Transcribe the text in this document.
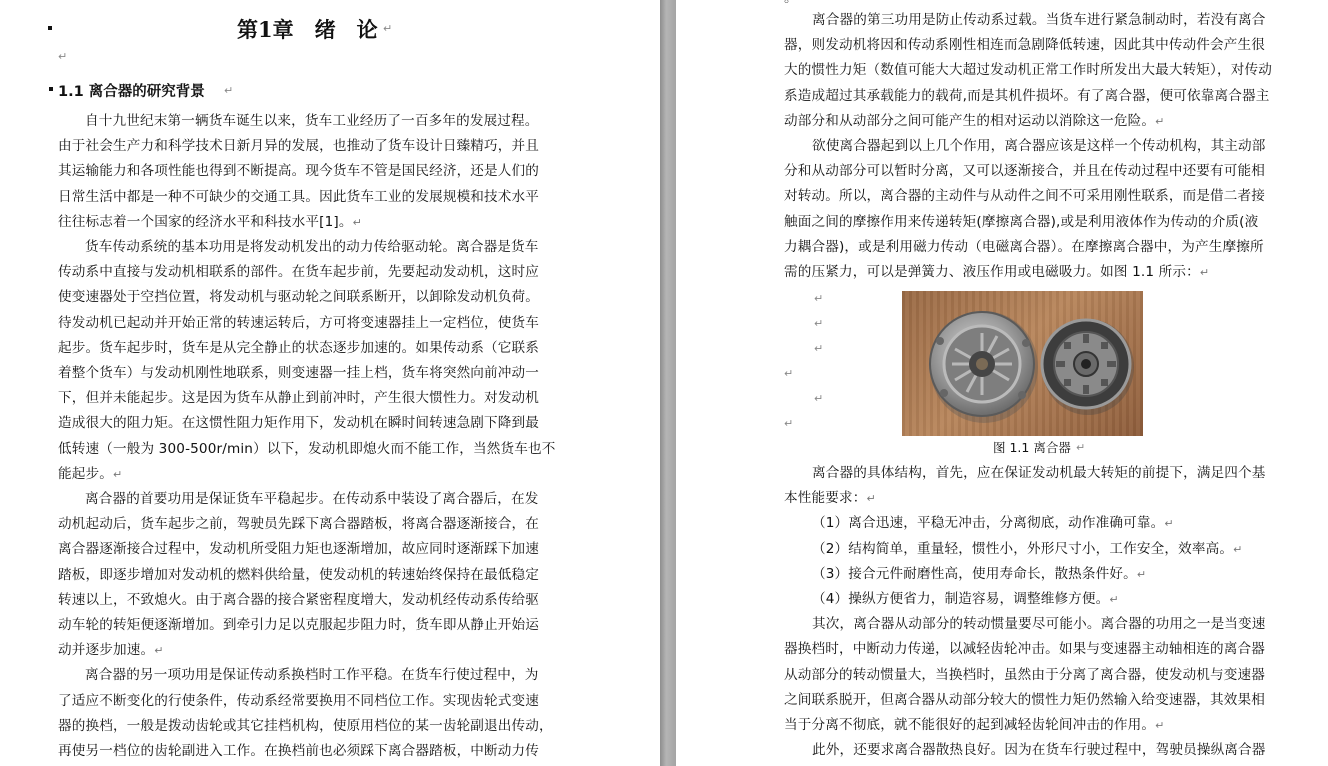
第1章　绪　论 ↵
↵
1.1 离合器的研究背景 ↵
自十九世纪末第一辆货车诞生以来，货车工业经历了一百多年的发展过程。
由于社会生产力和科学技术日新月异的发展，也推动了货车设计日臻精巧，并且
其运输能力和各项性能也得到不断提高。现今货车不管是国民经济，还是人们的
日常生活中都是一种不可缺少的交通工具。因此货车工业的发展规模和技术水平
往往标志着一个国家的经济水平和科技水平[1]。↵
货车传动系统的基本功用是将发动机发出的动力传给驱动轮。离合器是货车
传动系中直接与发动机相联系的部件。在货车起步前，先要起动发动机，这时应
使变速器处于空挡位置，将发动机与驱动轮之间联系断开，以卸除发动机负荷。
待发动机已起动并开始正常的转速运转后，方可将变速器挂上一定档位，使货车
起步。货车起步时，货车是从完全静止的状态逐步加速的。如果传动系（它联系
着整个货车）与发动机刚性地联系，则变速器一挂上档，货车将突然向前冲动一
下，但并未能起步。这是因为货车从静止到前冲时，产生很大惯性力。对发动机
造成很大的阻力矩。在这惯性阻力矩作用下，发动机在瞬时间转速急剧下降到最
低转速（一般为 300-500r/min）以下，发动机即熄火而不能工作，当然货车也不
能起步。↵
离合器的首要功用是保证货车平稳起步。在传动系中装设了离合器后，在发
动机起动后，货车起步之前，驾驶员先踩下离合器踏板，将离合器逐渐接合，在
离合器逐渐接合过程中，发动机所受阻力矩也逐渐增加，故应同时逐渐踩下加速
踏板，即逐步增加对发动机的燃料供给量，使发动机的转速始终保持在最低稳定
转速以上，不致熄火。由于离合器的接合紧密程度增大，发动机经传动系传给驱
动车轮的转矩便逐渐增加。到牵引力足以克服起步阻力时，货车即从静止开始运
动并逐步加速。↵
离合器的另一项功用是保证传动系换档时工作平稳。在货车行使过程中，为
了适应不断变化的行使条件，传动系经常要换用不同档位工作。实现齿轮式变速
器的换档，一般是拨动齿轮或其它挂档机构，使原用档位的某一齿轮副退出传动，
再使另一档位的齿轮副进入工作。在换档前也必须踩下离合器踏板，中断动力传
离合器的第三功用是防止传动系过载。当货车进行紧急制动时，若没有离合
器，则发动机将因和传动系刚性相连而急剧降低转速，因此其中传动件会产生很
大的惯性力矩（数值可能大大超过发动机正常工作时所发出大最大转矩），对传动
系造成超过其承载能力的载荷,而是其机件损坏。有了离合器，便可依靠离合器主
动部分和从动部分之间可能产生的相对运动以消除这一危险。↵
欲使离合器起到以上几个作用，离合器应该是这样一个传动机构，其主动部
分和从动部分可以暂时分离，又可以逐渐接合，并且在传动过程中还要有可能相
对转动。所以，离合器的主动件与从动件之间不可采用刚性联系，而是借二者接
触面之间的摩擦作用来传递转矩(摩擦离合器),或是利用液体作为传动的介质(液
力耦合器)，或是利用磁力传动（电磁离合器）。在摩擦离合器中，为产生摩擦所
需的压紧力，可以是弹簧力、液压作用或电磁吸力。如图 1.1 所示：↵
↵
↵
↵
↵
↵
↵
图 1.1 离合器 ↵
离合器的具体结构，首先，应在保证发动机最大转矩的前提下，满足四个基
本性能要求：↵
（1）离合迅速，平稳无冲击，分离彻底，动作准确可靠。↵
（2）结构简单，重量轻，惯性小，外形尺寸小，工作安全，效率高。↵
（3）接合元件耐磨性高，使用寿命长，散热条件好。↵
（4）操纵方便省力，制造容易，调整维修方便。↵
其次，离合器从动部分的转动惯量要尽可能小。离合器的功用之一是当变速
器换档时，中断动力传递，以减轻齿轮冲击。如果与变速器主动轴相连的离合器
从动部分的转动惯量大，当换档时，虽然由于分离了离合器，使发动机与变速器
之间联系脱开，但离合器从动部分较大的惯性力矩仍然输入给变速器，其效果相
当于分离不彻底，就不能很好的起到减轻齿轮间冲击的作用。↵
此外，还要求离合器散热良好。因为在货车行驶过程中，驾驶员操纵离合器
